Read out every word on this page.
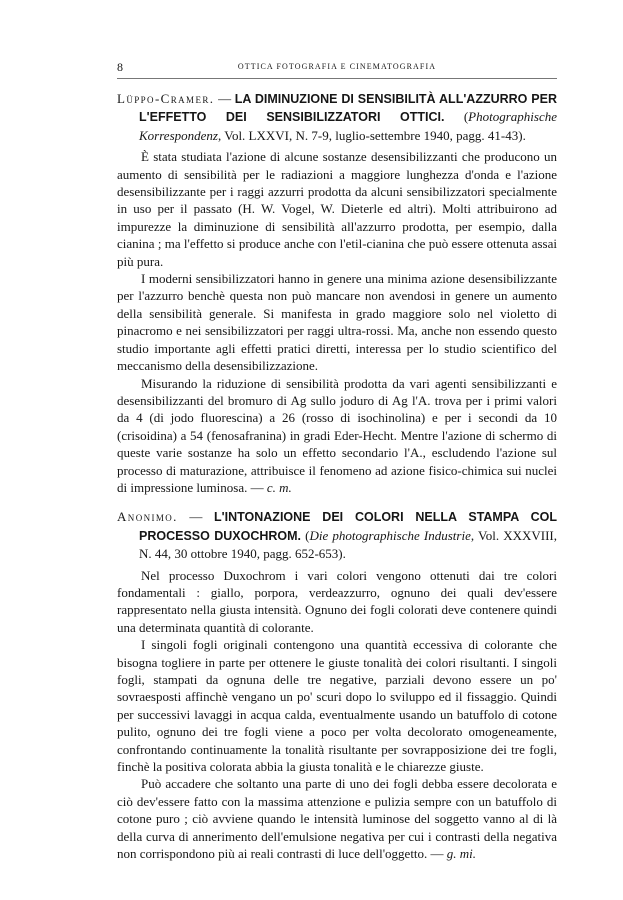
8	OTTICA FOTOGRAFIA E CINEMATOGRAFIA

Lüppo-Cramer. — LA DIMINUZIONE DI SENSIBILITÀ ALL'AZZURRO PER L'EFFETTO DEI SENSIBILIZZATORI OTTICI. (Photographische Korrespondenz, Vol. LXXVI, N. 7-9, luglio-settembre 1940, pagg. 41-43).

È stata studiata l'azione di alcune sostanze desensibilizzanti che producono un aumento di sensibilità per le radiazioni a maggiore lunghezza d'onda e l'azione desensibilizzante per i raggi azzurri prodotta da alcuni sensibilizzatori specialmente in uso per il passato (H. W. Vogel, W. Dieterle ed altri). Molti attribuirono ad impurezze la diminuzione di sensibilità all'azzurro prodotta, per esempio, dalla cianina ; ma l'effetto si produce anche con l'etil-cianina che può essere ottenuta assai più pura.

I moderni sensibilizzatori hanno in genere una minima azione desensibilizzante per l'azzurro benchè questa non può mancare non avendosi in genere un aumento della sensibilità generale. Si manifesta in grado maggiore solo nel violetto di pinacromo e nei sensibilizzatori per raggi ultra-rossi. Ma, anche non essendo questo studio importante agli effetti pratici diretti, interessa per lo studio scientifico del meccanismo della desensibilizzazione.

Misurando la riduzione di sensibilità prodotta da vari agenti sensibilizzanti e desensibilizzanti del bromuro di Ag sullo joduro di Ag l'A. trova per i primi valori da 4 (di jodo fluorescina) a 26 (rosso di isochinolina) e per i secondi da 10 (crisoidina) a 54 (fenosafranina) in gradi Eder-Hecht. Mentre l'azione di schermo di queste varie sostanze ha solo un effetto secondario l'A., escludendo l'azione sul processo di maturazione, attribuisce il fenomeno ad azione fisico-chimica sui nuclei di impressione luminosa. — c. m.

Anonimo. — L'INTONAZIONE DEI COLORI NELLA STAMPA COL PROCESSO DUXOCHROM. (Die photographische Industrie, Vol. XXXVIII, N. 44, 30 ottobre 1940, pagg. 652-653).

Nel processo Duxochrom i vari colori vengono ottenuti dai tre colori fondamentali : giallo, porpora, verdeazzurro, ognuno dei quali dev'essere rappresentato nella giusta intensità. Ognuno dei fogli colorati deve contenere quindi una determinata quantità di colorante.

I singoli fogli originali contengono una quantità eccessiva di colorante che bisogna togliere in parte per ottenere le giuste tonalità dei colori risultanti. I singoli fogli, stampati da ognuna delle tre negative, parziali devono essere un po' sovraesposti affinchè vengano un po' scuri dopo lo sviluppo ed il fissaggio. Quindi per successivi lavaggi in acqua calda, eventualmente usando un batuffolo di cotone pulito, ognuno dei tre fogli viene a poco per volta decolorato omogeneamente, confrontando continuamente la tonalità risultante per sovrapposizione dei tre fogli, finchè la positiva colorata abbia la giusta tonalità e le chiarezze giuste.

Può accadere che soltanto una parte di uno dei fogli debba essere decolorata e ciò dev'essere fatto con la massima attenzione e pulizia sempre con un batuffolo di cotone puro ; ciò avviene quando le intensità luminose del soggetto vanno al di là della curva di annerimento dell'emulsione negativa per cui i contrasti della negativa non corrispondono più ai reali contrasti di luce dell'oggetto. — g. mi.
